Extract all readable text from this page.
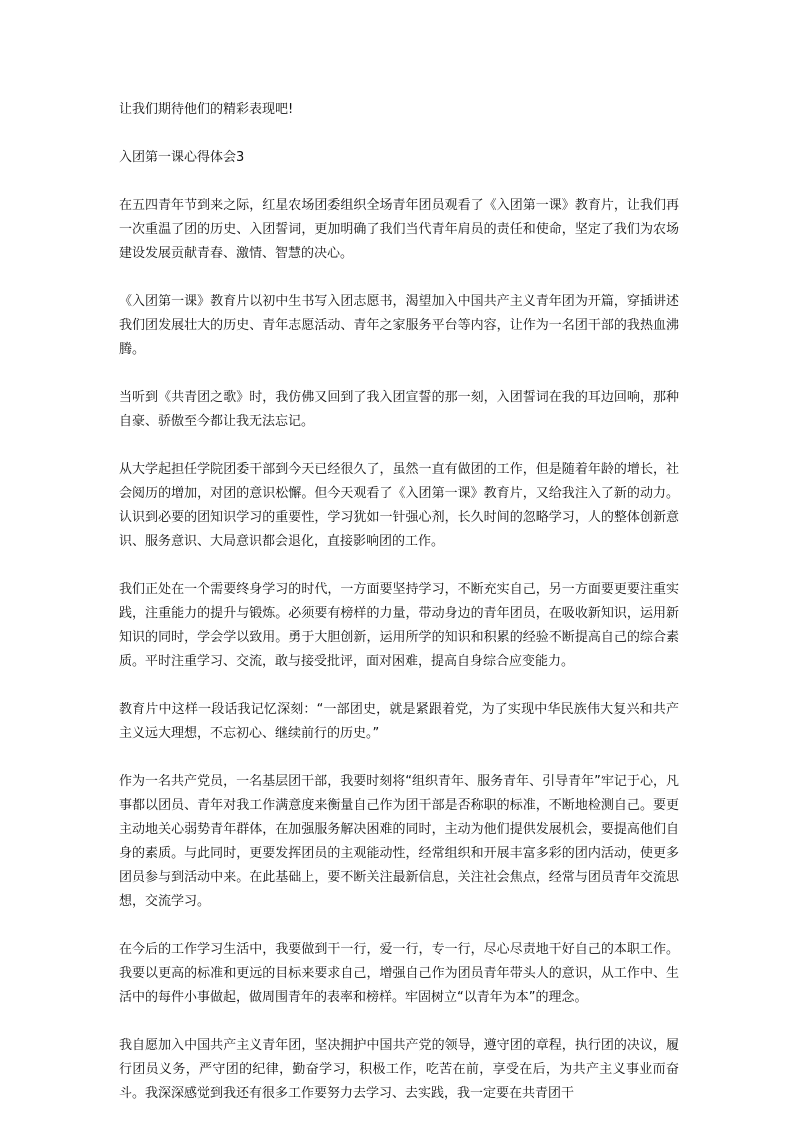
让我们期待他们的精彩表现吧!

入团第一课心得体会3

在五四青年节到来之际，红星农场团委组织全场青年团员观看了《入团第一课》教育片，让我们再一次重温了团的历史、入团誓词，更加明确了我们当代青年肩员的责任和使命，坚定了我们为农场建设发展贡献青春、激情、智慧的决心。

《入团第一课》教育片以初中生书写入团志愿书，渴望加入中国共产主义青年团为开篇，穿插讲述我们团发展壮大的历史、青年志愿活动、青年之家服务平台等内容，让作为一名团干部的我热血沸腾。

当听到《共青团之歌》时，我仿佛又回到了我入团宣誓的那一刻，入团誓词在我的耳边回响，那种自豪、骄傲至今都让我无法忘记。

从大学起担任学院团委干部到今天已经很久了，虽然一直有做团的工作，但是随着年龄的增长，社会阅历的增加，对团的意识松懈。但今天观看了《入团第一课》教育片，又给我注入了新的动力。认识到必要的团知识学习的重要性，学习犹如一针强心剂，长久时间的忽略学习，人的整体创新意识、服务意识、大局意识都会退化，直接影响团的工作。

我们正处在一个需要终身学习的时代，一方面要坚持学习，不断充实自己，另一方面要更要注重实践，注重能力的提升与锻炼。必须要有榜样的力量，带动身边的青年团员，在吸收新知识，运用新知识的同时，学会学以致用。勇于大胆创新，运用所学的知识和积累的经验不断提高自己的综合素质。平时注重学习、交流，敢与接受批评，面对困难，提高自身综合应变能力。

教育片中这样一段话我记忆深刻：“一部团史，就是紧跟着党，为了实现中华民族伟大复兴和共产主义远大理想，不忘初心、继续前行的历史。”

作为一名共产党员，一名基层团干部，我要时刻将“组织青年、服务青年、引导青年”牢记于心，凡事都以团员、青年对我工作满意度来衡量自己作为团干部是否称职的标准，不断地检测自己。要更主动地关心弱势青年群体，在加强服务解决困难的同时，主动为他们提供发展机会，要提高他们自身的素质。与此同时，更要发挥团员的主观能动性，经常组织和开展丰富多彩的团内活动，使更多团员参与到活动中来。在此基础上，要不断关注最新信息，关注社会焦点，经常与团员青年交流思想，交流学习。

在今后的工作学习生活中，我要做到干一行，爱一行，专一行，尽心尽责地干好自己的本职工作。我要以更高的标准和更远的目标来要求自己，增强自己作为团员青年带头人的意识，从工作中、生活中的每件小事做起，做周围青年的表率和榜样。牢固树立“以青年为本”的理念。

我自愿加入中国共产主义青年团，坚决拥护中国共产党的领导，遵守团的章程，执行团的决议，履行团员义务，严守团的纪律，勤奋学习，积极工作，吃苦在前，享受在后，为共产主义事业而奋斗。我深深感觉到我还有很多工作要努力去学习、去实践，我一定要在共青团干
